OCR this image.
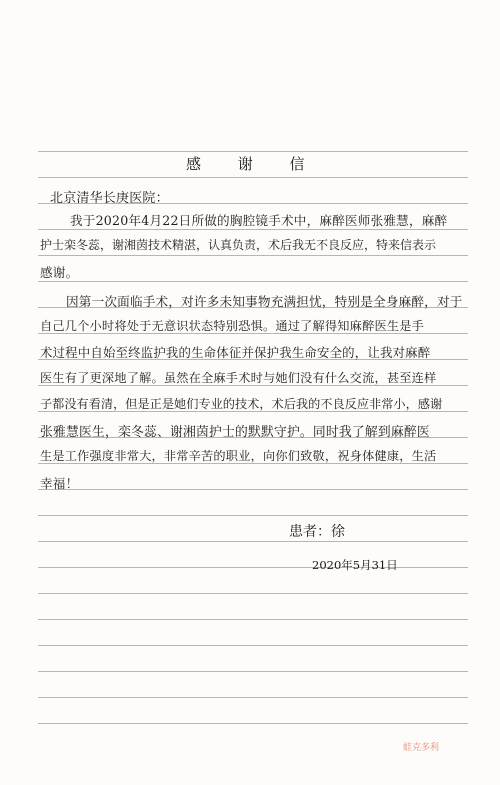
感 谢 信
北京清华长庚医院：
我于2020年4月22日所做的胸腔镜手术中，麻醉医师张雅慧，麻醉
护士栾冬蕊，谢湘茵技术精湛，认真负责，术后我无不良反应，特来信表示
感谢。
因第一次面临手术，对许多未知事物充满担忧，特别是全身麻醉，对于
自己几个小时将处于无意识状态特别恐惧。通过了解得知麻醉医生是手
术过程中自始至终监护我的生命体征并保护我生命安全的，让我对麻醉
医生有了更深地了解。虽然在全麻手术时与她们没有什么交流，甚至连样
子都没有看清，但是正是她们专业的技术，术后我的不良反应非常小，感谢
张雅慧医生，栾冬蕊、谢湘茵护士的默默守护。同时我了解到麻醉医
生是工作强度非常大，非常辛苦的职业，向你们致敬，祝身体健康，生活
幸福！
患者：徐
2020年5月31日
蛙克多利
